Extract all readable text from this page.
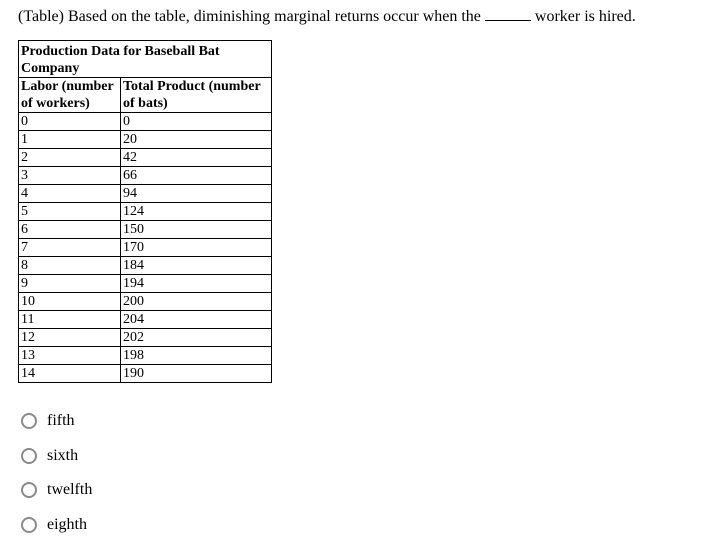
(Table) Based on the table, diminishing marginal returns occur when the	worker is hired.
Production Data for Baseball Bat Company	
Labor (number of workers)	Total Product (number of bats)
0	0
1	20
2	42
3	66
4	94
5	124
6	150
7	170
8	184
9	194
10	200
11	204
12	202
13	198
14	190
fifth
sixth
twelfth
eighth
